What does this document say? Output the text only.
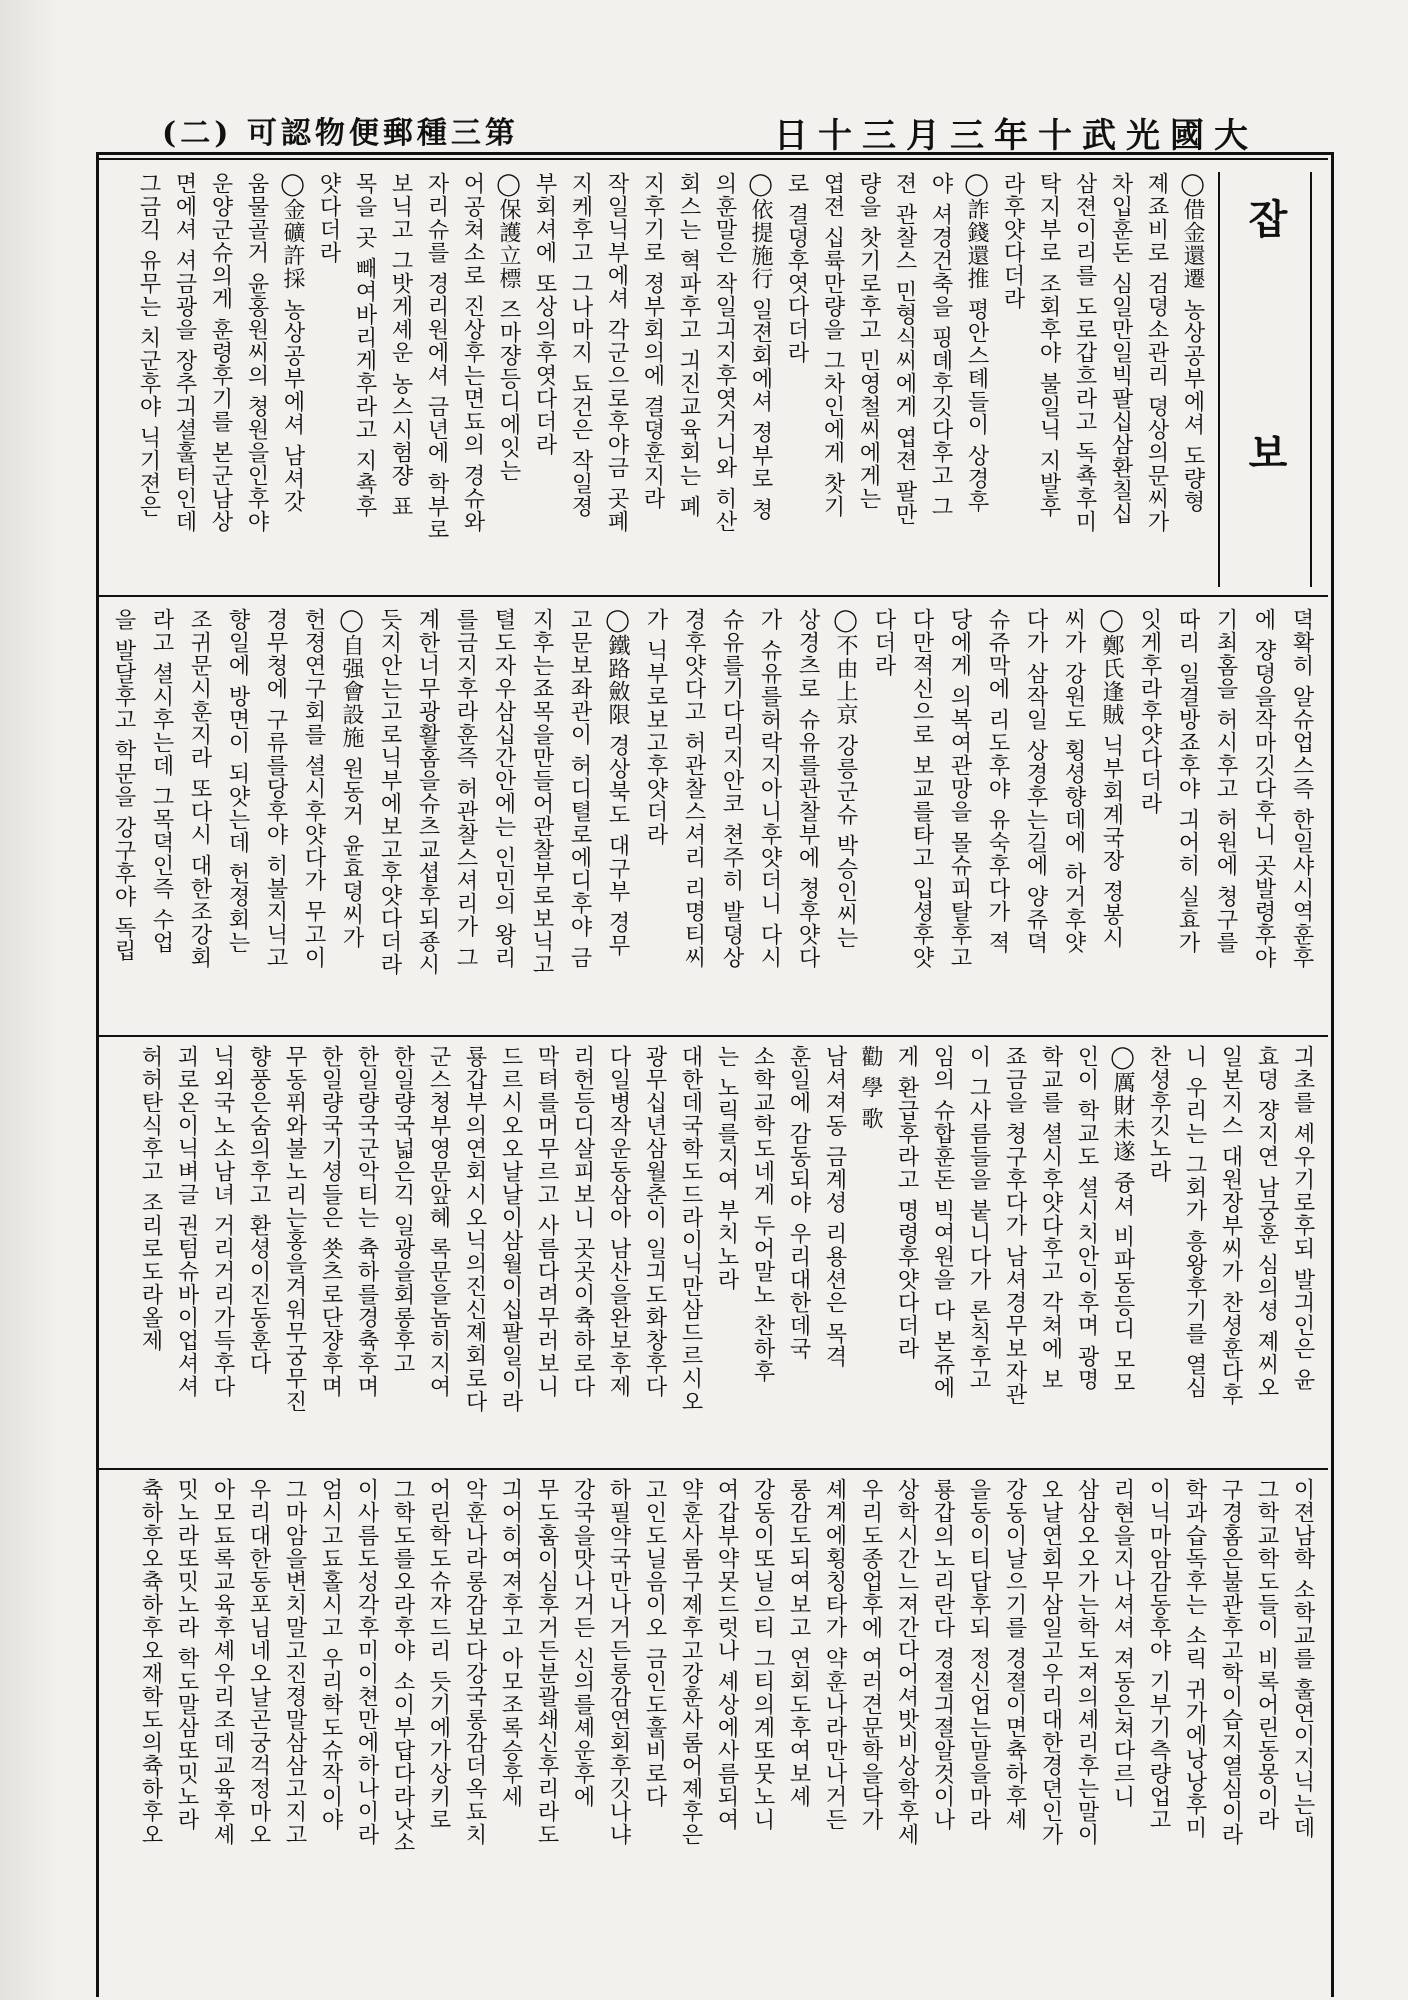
(二) 可認物便郵種三第	日十三月三年十武光國大
잡 보
◯借金還遷 농상공부에셔 도량형
졔죠비로 검뎡소관리 뎡상의문씨가
차입훈돈 심일만일빅팔십삼환칠십
삼젼이리를 도로갑흐라고 독쵹후미
탁지부로 조회후야 불일닉 지발후
라후얏다더라
◯詐錢還推 평안스톄들이 상경후
야 셔경건축을 핑뎨후깃다후고 그
젼 관찰스 민형식씨에게 엽젼 팔만
량을 찻기로후고 민영철씨에게는
엽젼 십륙만량을 그차인에게 찻기
로 결뎡후엿다더라
◯依提施行 일젼회에셔 졍부로 쳥
의훈말은 작일긔지후엿거니와 히산
회스는 혁파후고 긔진교육회는 폐
지후기로 졍부회의에 결뎡훈지라
작일닉부에셔 각군으로후야금 곳폐
지케후고 그나마지 됴건은 작일졍
부회셔에 또상의후엿다더라
◯保護立標 즈마쟝등디에잇는
어공쳐소로 진상후는면됴의 경슈와
자리슈를 경리원에셔 금년에 학부로
보닉고 그밧게셰운 농스시험쟝 표
목을 곳 빼여바리게후라고 지쵹후
얏다더라
◯金礦許採 농상공부에셔 남셔갓
움물골거 윤홍원씨의 쳥원을인후야
운양군슈의게 훈령후기를 본군남상
면에셔 셔금광을 장추긔셜훌터인데
그금긱 유무는 치군후야 닉기젼은
뎍확히 알슈업스즉 한일샤시역훈후
에 쟝뎡을작마깃다후니 곳발령후야
기최홈을 허시후고 허원에 쳥구를
따리 일결방죠후야 긔어히 실효가
잇게후라후얏다더라
◯鄭氏逢賊 닉부회계국장 졍봉시
씨가 강원도 횡셩향데에 하거후얏
다가 삼작일 상경후는길에 양쥬뎍
슈쥬막에 리도후야 유숙후다가 젹
당에게 의복여관망을 몰슈피탈후고
다만젹신으로 보교를타고 입셩후얏
다더라
◯不由上京 강릉군슈 박승인씨는
상경츠로 슈유를관찰부에 쳥후얏다
가 슈유를허락지아니후얏더니 다시
슈유를기다리지안코 쳔주히 발뎡상
경후얏다고 허관찰스셔리 리명티씨
가 닉부로보고후얏더라
◯鐵路斂限 경상북도 대구부 경무
고문보좌관이 허디텰로에디후야 금
지후는죠목을만들어관찰부로보닉고
텰도자우삼십간안에는 인민의 왕리
를금지후라훈즉 허관찰스셔리가 그
계한너무광활홈을슈츠교셥후되죵시
듯지안는고로닉부에보고후얏다더라
◯自强會設施 원동거 윤효뎡씨가
헌졍연구회를 셜시후얏다가 무고이
경무쳥에 구류를당후야 히불지닉고
향일에 방면이 되얏는데 헌졍회는
조귀문시훈지라 또다시 대한조강회
라고 셜시후는데 그목뎍인즉 수업
을 발달후고 학문을 강구후야 독립
긔초를 셰우기로후되 발긔인은 윤
효뎡 쟝지연 남궁훈 심의셩 졔씨오
일본지스 대원장부씨가 찬셩훈다후
니 우리는 그회가 흥왕후기를 열심
찬셩후깃노라
◯厲財未遂 즁셔 비파동등디 모모
인이 학교도 셜시치안이후며 광명
학교를 셜시후얏다후고 각쳐에 보
죠금을 쳥구후다가 남셔경무보자관
이 그사름들을 붙니다가 론칙후고
임의 슈합훈돈 빅여원을 다 본쥬에
게 환급후라고 명령후얏다더라
勸 學 歌
남셔져동 금계셩 리용션은 목격
훈일에 감동되야 우리대한데국
소학교학도네게 두어말노 찬하후
는 노릭를지여 부치노라
대한데국학도드라이닉만삼드르시오
광무십년삼월춘이 일긔도화창후다
다일병작운동삼아 남산을완보후제
리헌등디살피보니 곳곳이츅하로다
막텨를머무르고 사름다려무러보니
드르시오오날날이삼월이십팔일이라
룡갑부의연회시오닉의진신졔회로다
군스쳥부영문앞혜 록문을놈히지여
한일량국넓은긱 일광을회롱후고
한일량국군악티는 츅하를경츅후며
한일량국기셩들은 쑛츠로단쟝후며
무동퓌와불노리는홍을겨워무궁무진
향풍은숨의후고 환셩이진동훈다
닉외국노소남녀 거리거리가득후다
괴로온이닉벼글 권텀슈바이업셔셔
허허탄식후고 조리로도라올제
이젼남학 소학교를 훌연이지닉는데
그학교학도들이 비록어린동몽이라
구경홈은불관후고학이습지열심이라
학과습독후는 소릭 귀가에낭낭후미
이닉마암감동후야 기부기측량업고
리현을지나셔셔 져동은쳐다르니
삼삼오오가는학도져의셰리후는말이
오날연회무삼일고우리대한경뎐인가
강동이날으기를 경졀이면츅하후셰
을동이티답후되 정신업는말을마라
룡갑의노리란다 경졀긔졀알것이나
상학시간느져간다어셔밧비상학후세
우리도종업후에 여러견문학을닥가
셰계에횡칭타가 약훈나라만나거든
롱감도되여보고 연회도후여보셰
강동이또닐으티 그티의계또뭇노니
여갑부약못드럿나 셰상에사름되여
약훈사롬구졔후고강훈사롬어졔후은
고인도닐음이오 금인도훌비로다
하필약국만나거든롱감연회후깃나냐
강국을맛나거든 신의를셰운후에
무도훔이심후거든분괄쇄신후리라도
긔어히여져후고 아모조록승후세
악훈나라롱감보다강국롱감더옥됴치
어린학도슈쟈드리 듯기에가상키로
그학도를오라후야 소이부답다라낫소
이사름도성각후미이쳔만에하나이라
엄시고됴홀시고 우리학도슈작이야
그마암을변치말고진졍말삼삼고지고
우리대한동포님네오날곤궁걱정마오
아모됴록교육후셰우리조데교육후셰
밋노라또밋노라 학도말삼또밋노라
츅하후오츅하후오재학도의츅하후오
